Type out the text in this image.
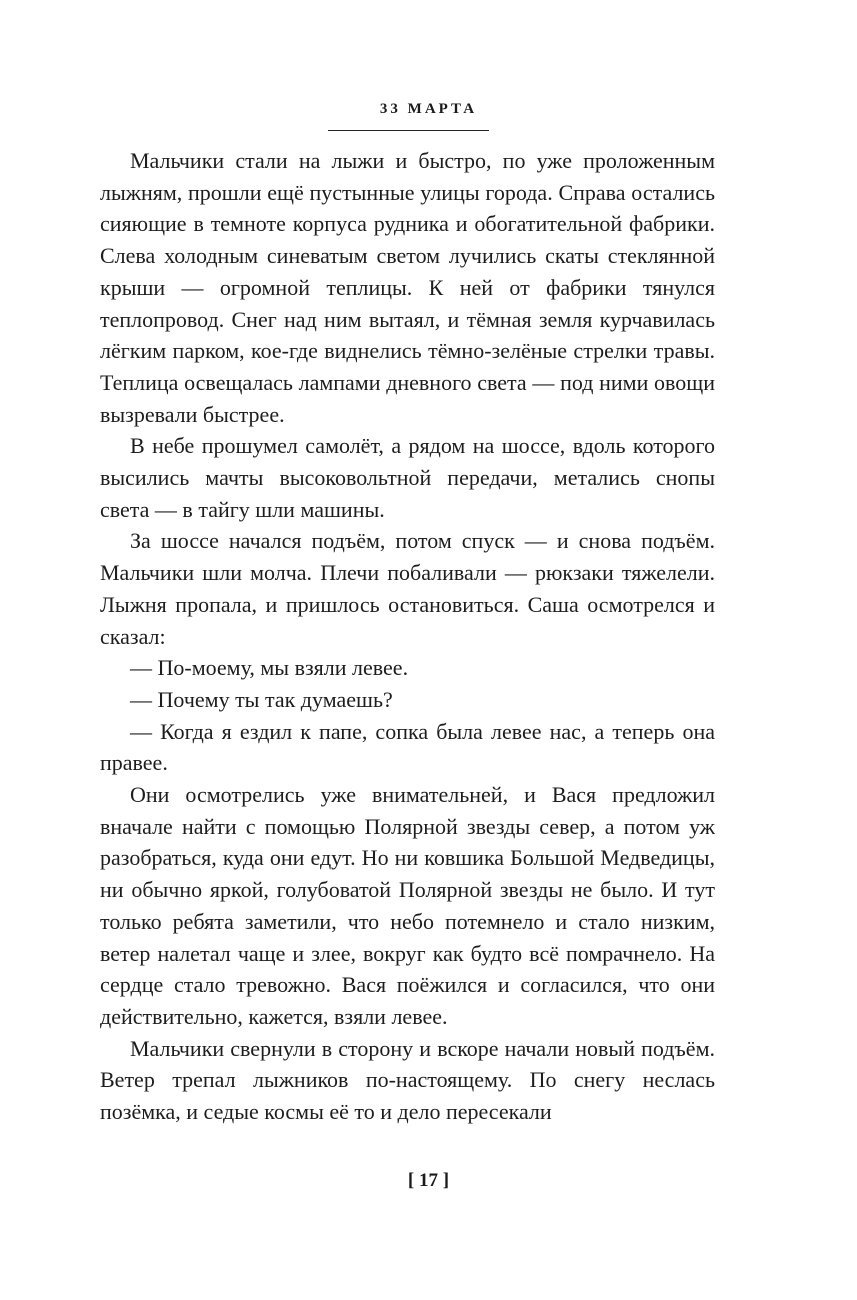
33 МАРТА

Мальчики стали на лыжи и быстро, по уже проложенным лыжням, прошли ещё пустынные улицы города. Справа остались сияющие в темноте корпуса рудника и обогатительной фабрики. Слева холодным синеватым светом лучились скаты стеклянной крыши — огромной теплицы. К ней от фабрики тянулся теплопровод. Снег над ним вытаял, и тёмная земля курчавилась лёгким парком, кое-где виднелись тёмно-зелёные стрелки травы. Теплица освещалась лампами дневного света — под ними овощи вызревали быстрее.

В небе прошумел самолёт, а рядом на шоссе, вдоль которого высились мачты высоковольтной передачи, метались снопы света — в тайгу шли машины.

За шоссе начался подъём, потом спуск — и снова подъём. Мальчики шли молча. Плечи побаливали — рюкзаки тяжелели. Лыжня пропала, и пришлось остановиться. Саша осмотрелся и сказал:

— По-моему, мы взяли левее.

— Почему ты так думаешь?

— Когда я ездил к папе, сопка была левее нас, а теперь она правее.

Они осмотрелись уже внимательней, и Вася предложил вначале найти с помощью Полярной звезды север, а потом уж разобраться, куда они едут. Но ни ковшика Большой Медведицы, ни обычно яркой, голубоватой Полярной звезды не было. И тут только ребята заметили, что небо потемнело и стало низким, ветер налетал чаще и злее, вокруг как будто всё помрачнело. На сердце стало тревожно. Вася поёжился и согласился, что они действительно, кажется, взяли левее.

Мальчики свернули в сторону и вскоре начали новый подъём. Ветер трепал лыжников по-настоящему. По снегу неслась позёмка, и седые космы её то и дело пересекали

[ 17 ]
